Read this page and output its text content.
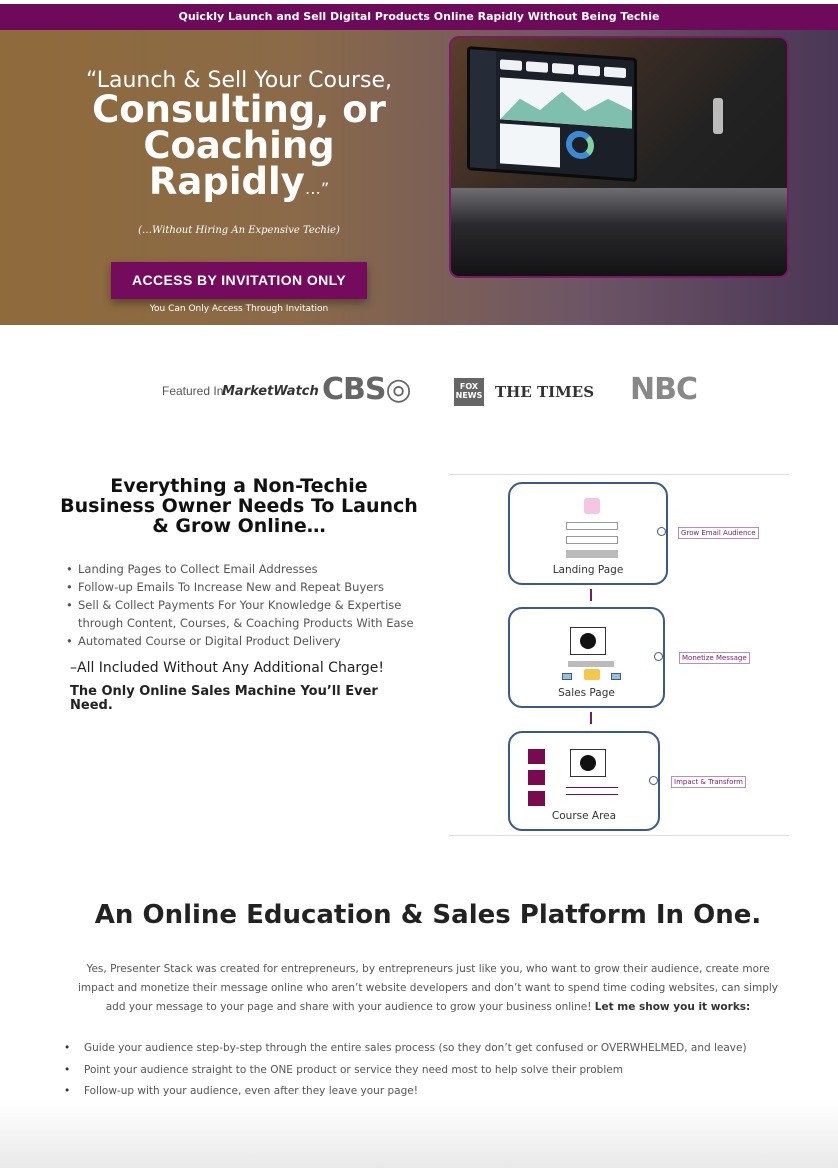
Quickly Launch and Sell Digital Products Online Rapidly Without Being Techie
“Launch & Sell Your Course,
Consulting, or Coaching Rapidly…”
(…Without Hiring An Expensive Techie)
ACCESS BY INVITATION ONLY
You Can Only Access Through Invitation
Featured In:
MarketWatch CBS◎	FOX NEWS THE TIMES NBC
Everything a Non-Techie Business Owner Needs To Launch & Grow Online…
• Landing Pages to Collect Email Addresses
• Follow-up Emails To Increase New and Repeat Buyers
• Sell & Collect Payments For Your Knowledge & Expertise through Content, Courses, & Coaching Products With Ease
• Automated Course or Digital Product Delivery
–All Included Without Any Additional Charge!
The Only Online Sales Machine You’ll Ever Need.
Landing Page
Grow Email Audience
Sales Page
Monetize Message
Course Area
Impact & Transform
An Online Education & Sales Platform In One.

Yes, Presenter Stack was created for entrepreneurs, by entrepreneurs just like you, who want to grow their audience, create more impact and monetize their message online who aren’t website developers and don’t want to spend time coding websites, can simply add your message to your page and share with your audience to grow your business online! Let me show you it works:

• Guide your audience step-by-step through the entire sales process (so they don’t get confused or OVERWHELMED, and leave)
• Point your audience straight to the ONE product or service they need most to help solve their problem
• Follow-up with your audience, even after they leave your page!
